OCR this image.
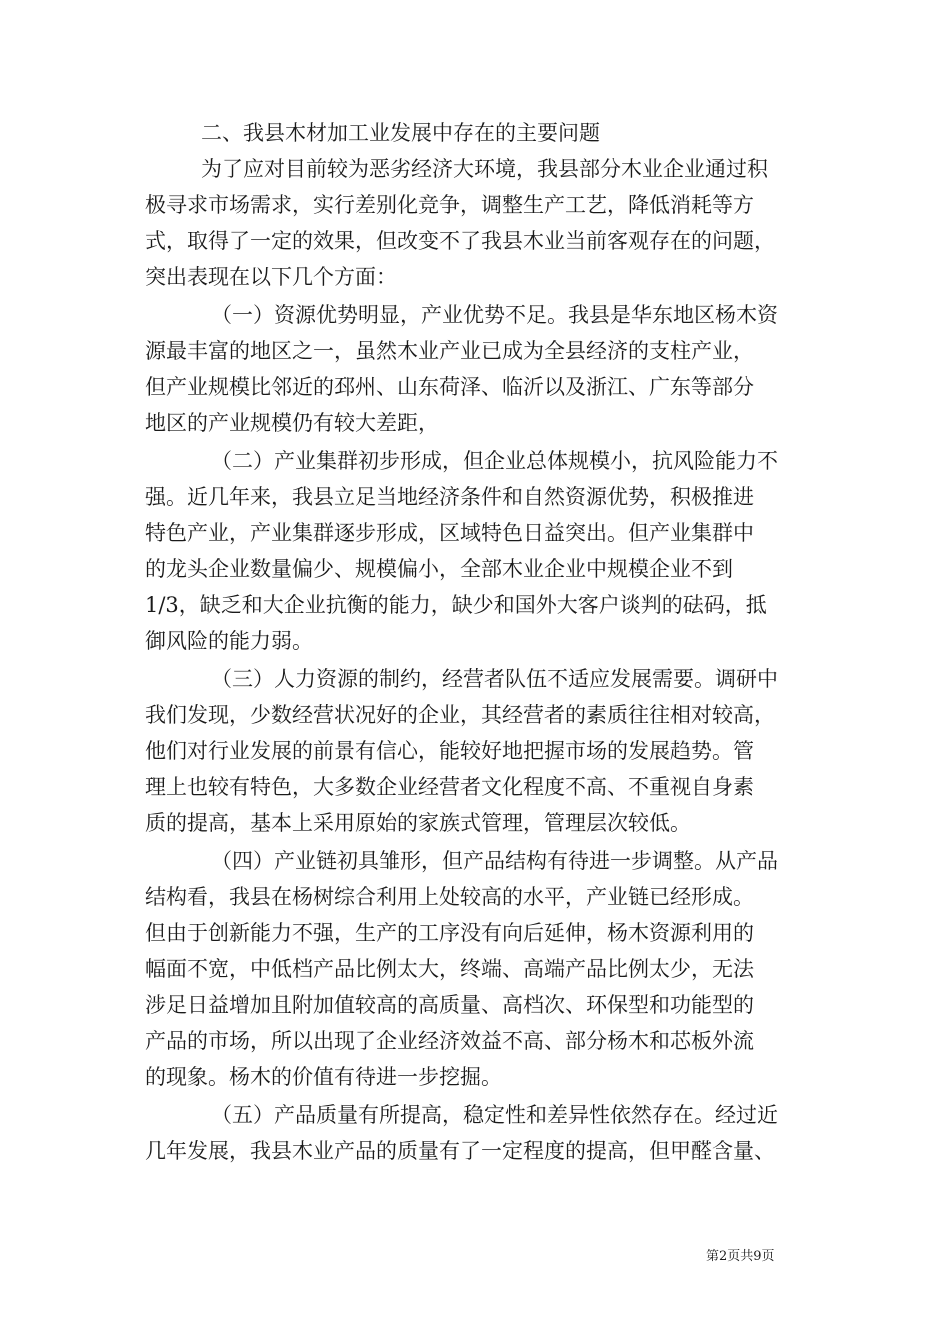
二、我县木材加工业发展中存在的主要问题

为了应对目前较为恶劣经济大环境，我县部分木业企业通过积
极寻求市场需求，实行差别化竞争，调整生产工艺，降低消耗等方
式，取得了一定的效果，但改变不了我县木业当前客观存在的问题，
突出表现在以下几个方面：
（一）资源优势明显，产业优势不足。我县是华东地区杨木资
源最丰富的地区之一，虽然木业产业已成为全县经济的支柱产业，
但产业规模比邻近的邳州、山东荷泽、临沂以及浙江、广东等部分
地区的产业规模仍有较大差距，
（二）产业集群初步形成，但企业总体规模小，抗风险能力不
强。近几年来，我县立足当地经济条件和自然资源优势，积极推进
特色产业，产业集群逐步形成，区域特色日益突出。但产业集群中
的龙头企业数量偏少、规模偏小，全部木业企业中规模企业不到
1/3，缺乏和大企业抗衡的能力，缺少和国外大客户谈判的砝码，抵
御风险的能力弱。
（三）人力资源的制约，经营者队伍不适应发展需要。调研中
我们发现，少数经营状况好的企业，其经营者的素质往往相对较高，
他们对行业发展的前景有信心，能较好地把握市场的发展趋势。管
理上也较有特色，大多数企业经营者文化程度不高、不重视自身素
质的提高，基本上采用原始的家族式管理，管理层次较低。
（四）产业链初具雏形，但产品结构有待进一步调整。从产品
结构看，我县在杨树综合利用上处较高的水平，产业链已经形成。
但由于创新能力不强，生产的工序没有向后延伸，杨木资源利用的
幅面不宽，中低档产品比例太大，终端、高端产品比例太少，无法
涉足日益增加且附加值较高的高质量、高档次、环保型和功能型的
产品的市场，所以出现了企业经济效益不高、部分杨木和芯板外流
的现象。杨木的价值有待进一步挖掘。
（五）产品质量有所提高，稳定性和差异性依然存在。经过近
几年发展，我县木业产品的质量有了一定程度的提高，但甲醛含量、
第2页共9页
